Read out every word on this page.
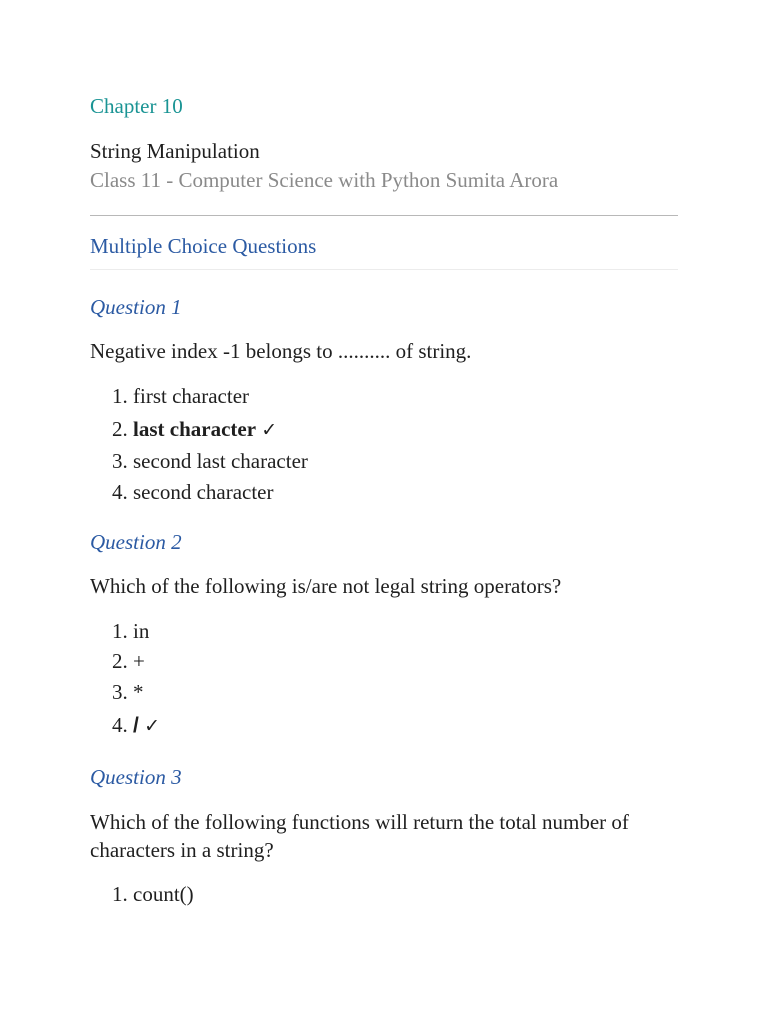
Chapter 10

String Manipulation

Class 11 - Computer Science with Python Sumita Arora

Multiple Choice Questions

Question 1

Negative index -1 belongs to .......... of string.

1. first character
2. last character ✓
3. second last character
4. second character

Question 2

Which of the following is/are not legal string operators?

1. in
2. +
3. *
4. / ✓

Question 3

Which of the following functions will return the total number of characters in a string?

1. count()
